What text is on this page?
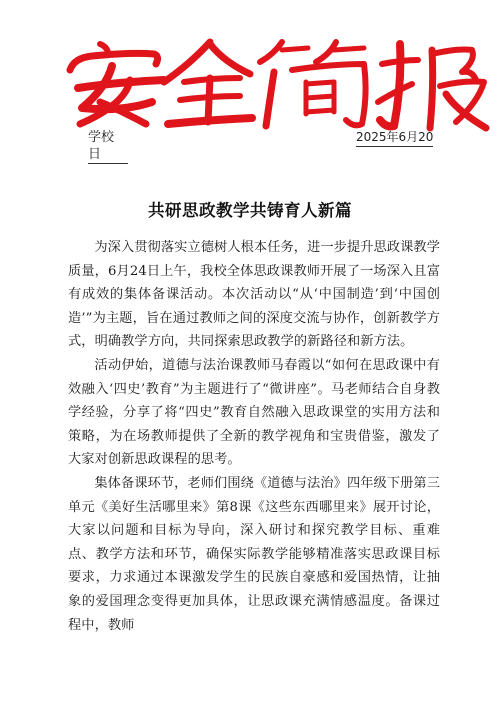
学校
日
2025年6月20
共研思政教学共铸育人新篇

为深入贯彻落实立德树人根本任务，进一步提升思政课教学质量，6月24日上午，我校全体思政课教师开展了一场深入且富有成效的集体备课活动。本次活动以“从‘中国制造’到‘中国创造’”为主题，旨在通过教师之间的深度交流与协作，创新教学方式，明确教学方向，共同探索思政教学的新路径和新方法。

活动伊始，道德与法治课教师马春霞以“如何在思政课中有效融入‘四史’教育”为主题进行了“微讲座”。马老师结合自身教学经验，分享了将“四史”教育自然融入思政课堂的实用方法和策略，为在场教师提供了全新的教学视角和宝贵借鉴，激发了大家对创新思政课程的思考。

集体备课环节，老师们围绕《道德与法治》四年级下册第三单元《美好生活哪里来》第8课《这些东西哪里来》展开讨论，大家以问题和目标为导向，深入研讨和探究教学目标、重难点、教学方法和环节，确保实际教学能够精准落实思政课目标要求，力求通过本课激发学生的民族自豪感和爱国热情，让抽象的爱国理念变得更加具体，让思政课充满情感温度。备课过程中，教师
